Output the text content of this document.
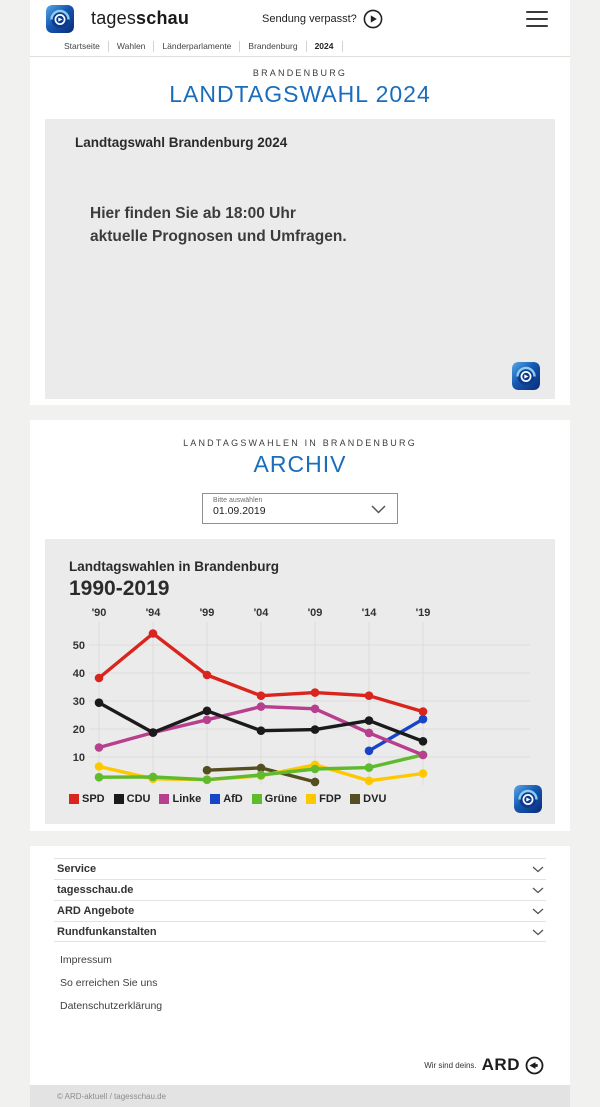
tagesschau	Sendung verpasst?
Startseite	Wahlen	Länderparlamente	Brandenburg	2024
BRANDENBURG
LANDTAGSWAHL 2024
Landtagswahl Brandenburg 2024
Hier finden Sie ab 18:00 Uhr
aktuelle Prognosen und Umfragen.
LANDTAGSWAHLEN IN BRANDENBURG
ARCHIV
Bitte auswählen
01.09.2019
Landtagswahlen in Brandenburg
1990-2019
10
20
30
40
50
'90	'94	'99	'04	'09	'14	'19
SPD CDU Linke AfD Grüne FDP DVU
Service
tagesschau.de
ARD Angebote
Rundfunkanstalten
Impressum
So erreichen Sie uns
Datenschutzerklärung
Wir sind deins. ARD
© ARD-aktuell / tagesschau.de
